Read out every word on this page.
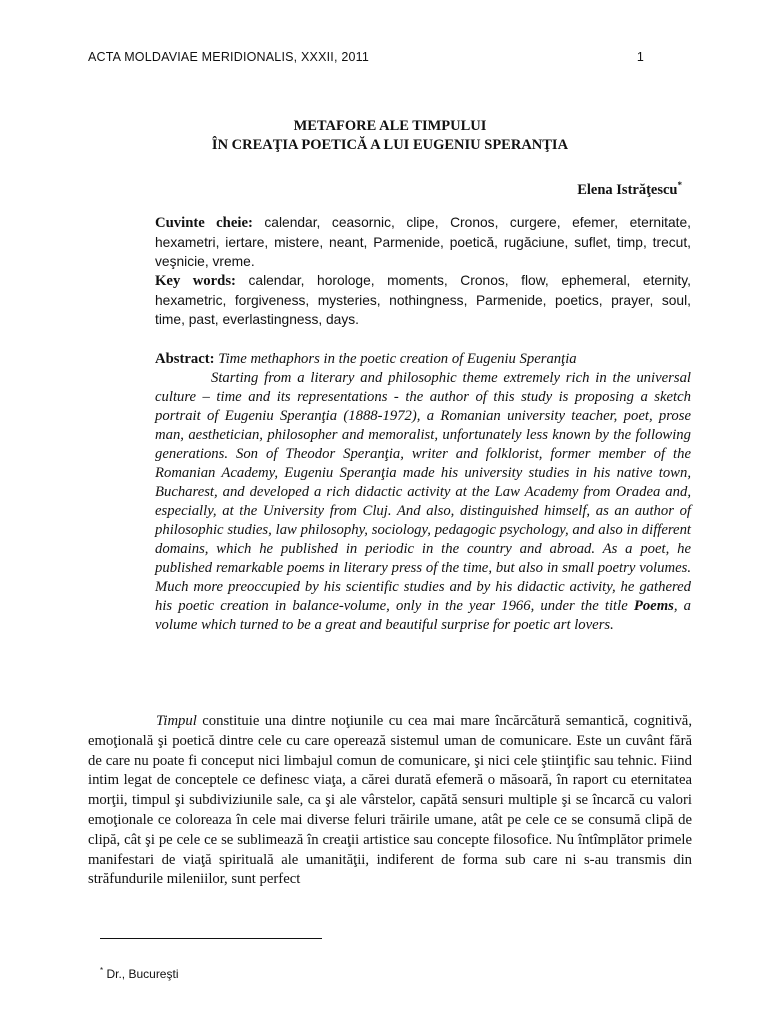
ACTA MOLDAVIAE MERIDIONALIS, XXXII, 2011	1
METAFORE ALE TIMPULUI
ÎN CREAŢIA POETICĂ A LUI EUGENIU SPERANŢIA
Elena Istrăţescu*

Cuvinte cheie: calendar, ceasornic, clipe, Cronos, curgere, efemer, eternitate, hexametri, iertare, mistere, neant, Parmenide, poetică, rugăciune, suflet, timp, trecut, veşnicie, vreme.

Key words: calendar, horologe, moments, Cronos, flow, ephemeral, eternity, hexametric, forgiveness, mysteries, nothingness, Parmenide, poetics, prayer, soul, time, past, everlastingness, days.

Abstract: Time methaphors in the poetic creation of Eugeniu Speranţia

Starting from a literary and philosophic theme extremely rich in the universal culture – time and its representations - the author of this study is proposing a sketch portrait of Eugeniu Speranţia (1888-1972), a Romanian university teacher, poet, prose man, aesthetician, philosopher and memoralist, unfortunately less known by the following generations. Son of Theodor Speranţia, writer and folklorist, former member of the Romanian Academy, Eugeniu Speranţia made his university studies in his native town, Bucharest, and developed a rich didactic activity at the Law Academy from Oradea and, especially, at the University from Cluj. And also, distinguished himself, as an author of philosophic studies, law philosophy, sociology, pedagogic psychology, and also in different domains, which he published in periodic in the country and abroad. As a poet, he published remarkable poems in literary press of the time, but also in small poetry volumes. Much more preoccupied by his scientific studies and by his didactic activity, he gathered his poetic creation in balance-volume, only in the year 1966, under the title Poems, a volume which turned to be a great and beautiful surprise for poetic art lovers.

Timpul constituie una dintre noţiunile cu cea mai mare încărcătură semantică, cognitivă, emoţională şi poetică dintre cele cu care operează sistemul uman de comunicare. Este un cuvânt fără de care nu poate fi conceput nici limbajul comun de comunicare, şi nici cele ştiinţific sau tehnic. Fiind intim legat de conceptele ce definesc viaţa, a cărei durată efemeră o măsoară, în raport cu eternitatea morţii, timpul şi subdiviziunile sale, ca şi ale vârstelor, capătă sensuri multiple şi se încarcă cu valori emoţionale ce coloreaza în cele mai diverse feluri trăirile umane, atât pe cele ce se consumă clipă de clipă, cât şi pe cele ce se sublimează în creaţii artistice sau concepte filosofice. Nu întîmplător primele manifestari de viaţă spirituală ale umanităţii, indiferent de forma sub care ni s-au transmis din străfundurile mileniilor, sunt perfect

* Dr., Bucureşti
